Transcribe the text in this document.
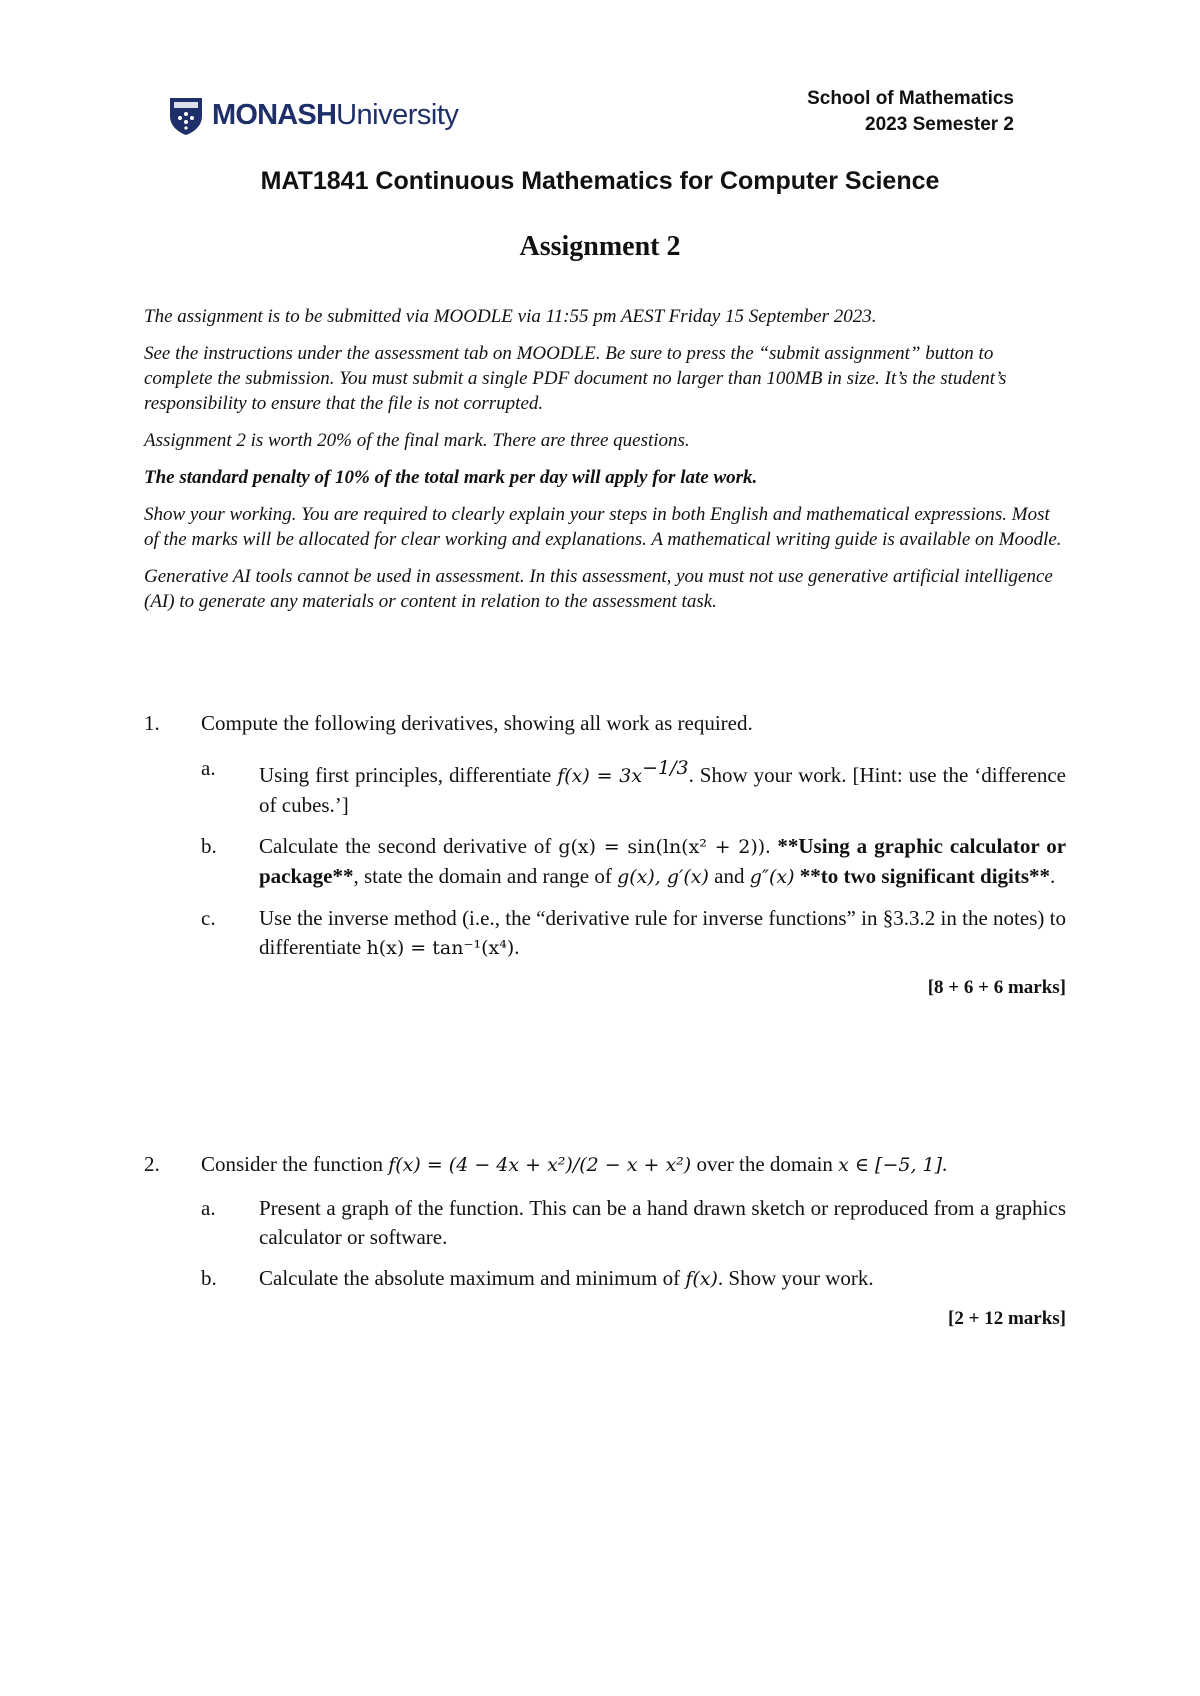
MONASHUniversity	School of Mathematics
2023 Semester 2
MAT1841 Continuous Mathematics for Computer Science
Assignment 2

The assignment is to be submitted via MOODLE via 11:55 pm AEST Friday 15 September 2023.

See the instructions under the assessment tab on MOODLE. Be sure to press the “submit assignment” button to complete the submission. You must submit a single PDF document no larger than 100MB in size. It’s the student’s responsibility to ensure that the file is not corrupted.

Assignment 2 is worth 20% of the final mark. There are three questions.

The standard penalty of 10% of the total mark per day will apply for late work.

Show your working. You are required to clearly explain your steps in both English and mathematical expressions. Most of the marks will be allocated for clear working and explanations. A mathematical writing guide is available on Moodle.

Generative AI tools cannot be used in assessment. In this assessment, you must not use generative artificial intelligence (AI) to generate any materials or content in relation to the assessment task.

1.	Compute the following derivatives, showing all work as required.
a.	Using first principles, differentiate $f(x) = 3x^{-1/3}$. Show your work. [Hint: use the ‘difference of cubes.’]
b.	Calculate the second derivative of g(x) = sin(ln(x² + 2)). **Using a graphic calculator or package**, state the domain and range of g(x), g′(x) and g″(x) **to two significant digits**.
c.	Use the inverse method (i.e., the “derivative rule for inverse functions” in §3.3.2 in the notes) to differentiate h(x) = tan⁻¹(x⁴).
[8 + 6 + 6 marks]
2.	Consider the function f(x) = (4 − 4x + x²)/(2 − x + x²) over the domain x ∈ [−5, 1].
a.	Present a graph of the function. This can be a hand drawn sketch or reproduced from a graphics calculator or software.
b.	Calculate the absolute maximum and minimum of f(x). Show your work.
[2 + 12 marks]
